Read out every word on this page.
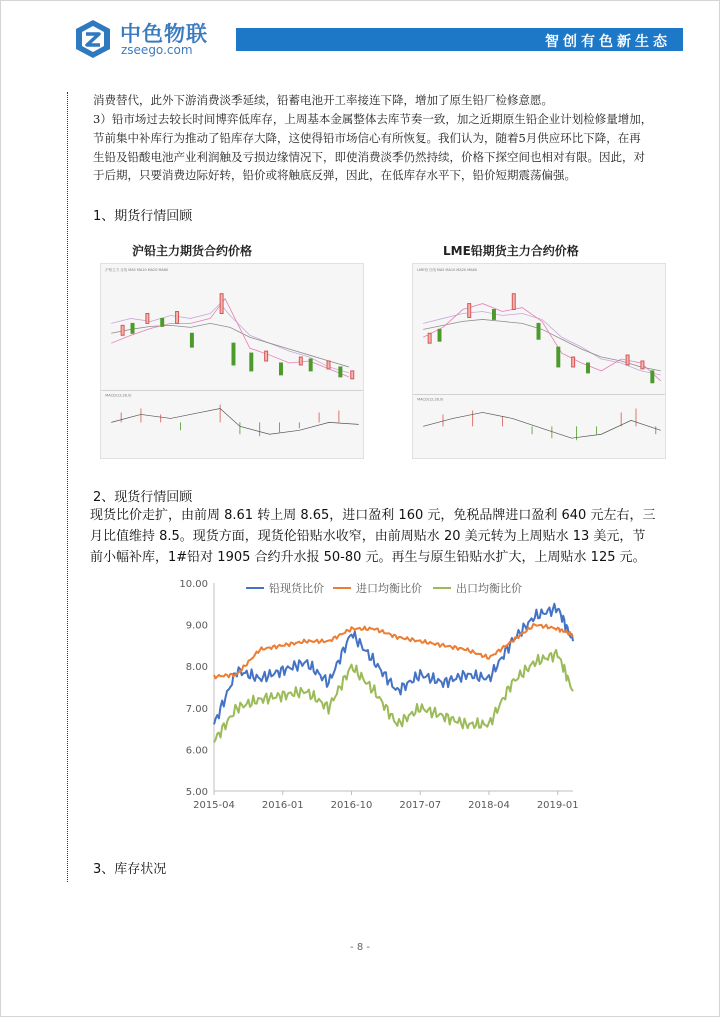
中色物联
zseego.com	智创有色新生态
消费替代，此外下游消费淡季延续，铅蓄电池开工率接连下降，增加了原生铅厂检修意愿。
3）铅市场过去较长时间博弈低库存，上周基本金属整体去库节奏一致，加之近期原生铅企业计划检修量增加，
节前集中补库行为推动了铅库存大降，这使得铅市场信心有所恢复。我们认为，随着5月供应环比下降，在再
生铅及铅酸电池产业利润触及亏损边缘情况下，即使消费淡季仍然持续，价格下探空间也相对有限。因此，对
于后期，只要消费边际好转，铅价或将触底反弹，因此，在低库存水平下，铅价短期震荡偏强。
1、期货行情回顾
沪铅主力期货合约价格	LME铅期货主力合约价格
沪铅主力 日线 MA5 MA10 MA20 MA60
MACD(12,26,9)
LME铅 日线 MA5 MA10 MA20 MA60
MACD(12,26,9)
2、现货行情回顾
现货比价走扩，由前周 8.61 转上周 8.65，进口盈利 160 元，免税品牌进口盈利 640 元左右，三
月比值维持 8.5。现货方面，现货伦铅贴水收窄，由前周贴水 20 美元转为上周贴水 13 美元，节
前小幅补库，1#铅对 1905 合约升水报 50-80 元。再生与原生铅贴水扩大，上周贴水 125 元。
10.00
9.00
8.00
7.00
6.00
5.00
2015-04	2016-01	2016-10	2017-07	2018-04	2019-01
铅现货比价	进口均衡比价	出口均衡比价
3、库存状况
- 8 -
